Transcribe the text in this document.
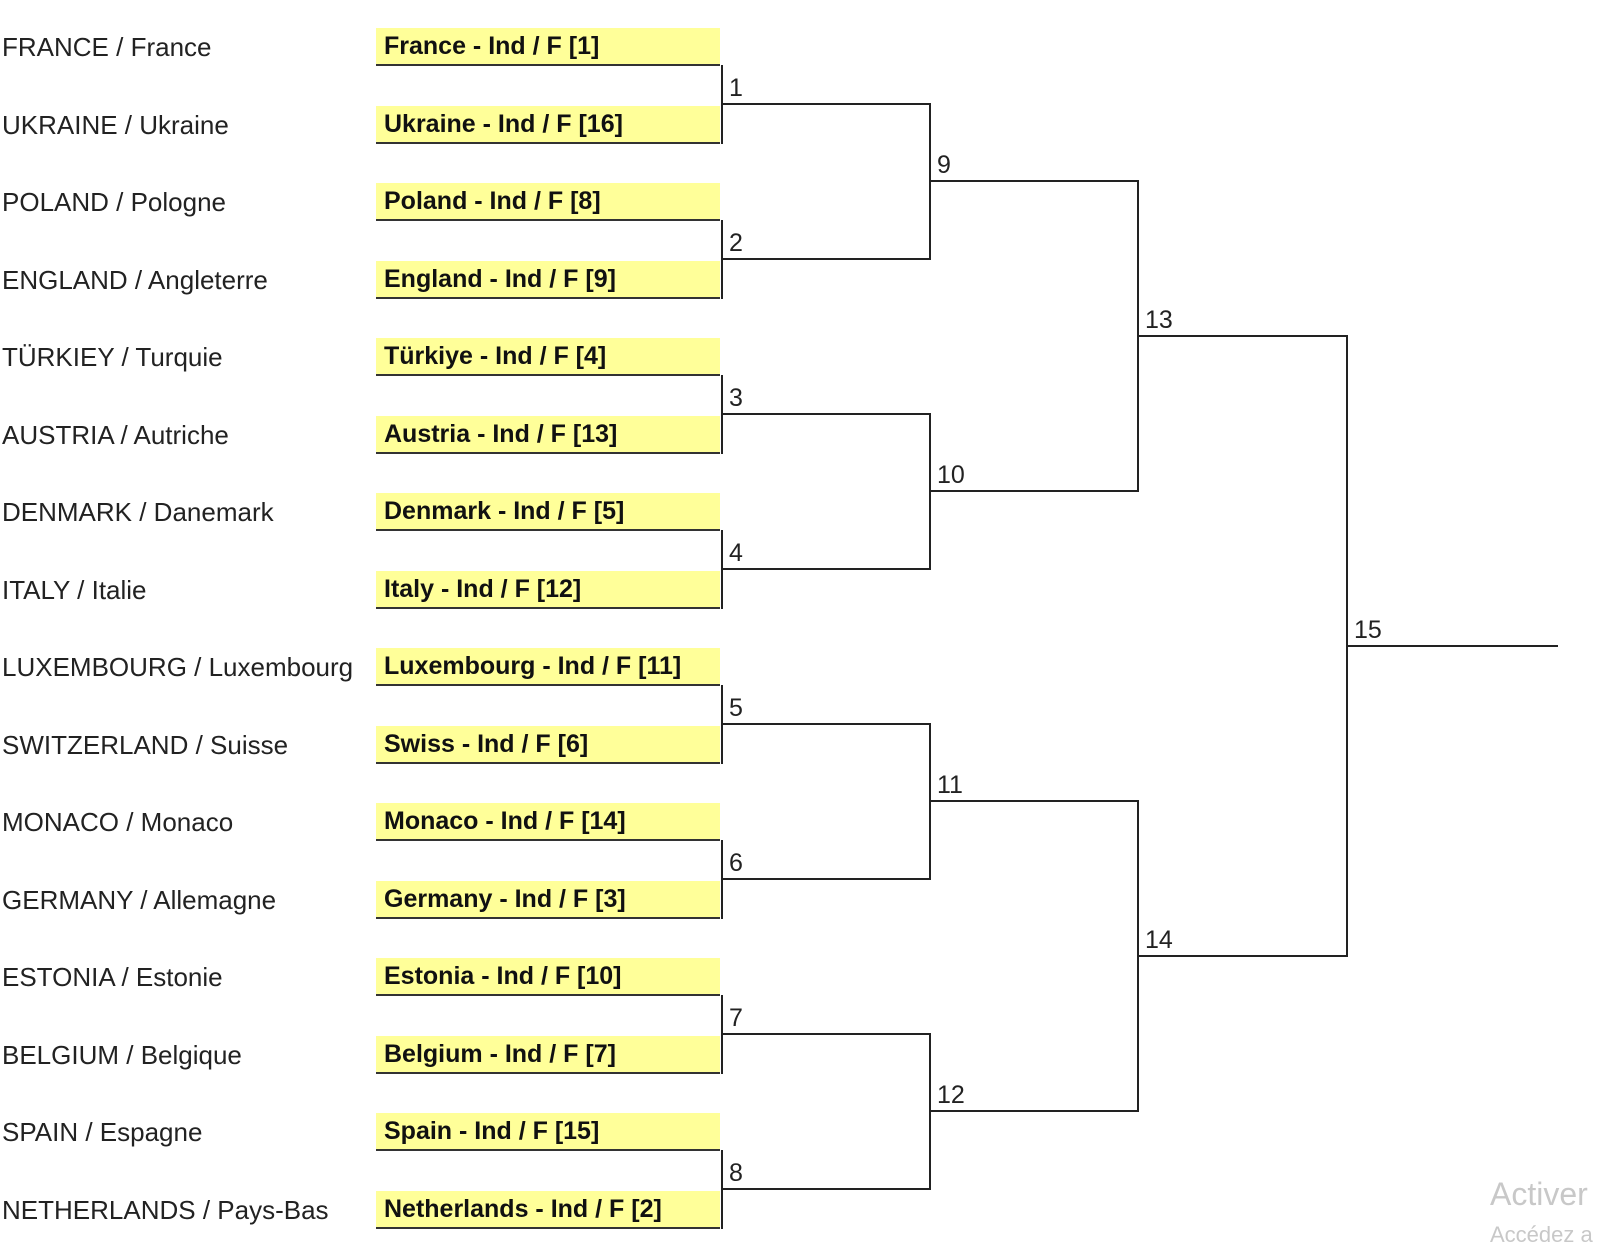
FRANCE / France	France - Ind / F [1]
UKRAINE / Ukraine	Ukraine - Ind / F [16]
POLAND / Pologne	Poland - Ind / F [8]
ENGLAND / Angleterre	England - Ind / F [9]
TÜRKIEY / Turquie	Türkiye - Ind / F [4]
AUSTRIA / Autriche	Austria - Ind / F [13]
DENMARK / Danemark	Denmark - Ind / F [5]
ITALY / Italie	Italy - Ind / F [12]
LUXEMBOURG / Luxembourg	Luxembourg - Ind / F [11]
SWITZERLAND / Suisse	Swiss - Ind / F [6]
MONACO / Monaco	Monaco - Ind / F [14]
GERMANY / Allemagne	Germany - Ind / F [3]
ESTONIA / Estonie	Estonia - Ind / F [10]
BELGIUM / Belgique	Belgium - Ind / F [7]
SPAIN / Espagne	Spain - Ind / F [15]
NETHERLANDS / Pays-Bas	Netherlands - Ind / F [2]
1
2
3
4
5
6
7
8
9
10
11
12
13
14
15
Activer
Accédez a
